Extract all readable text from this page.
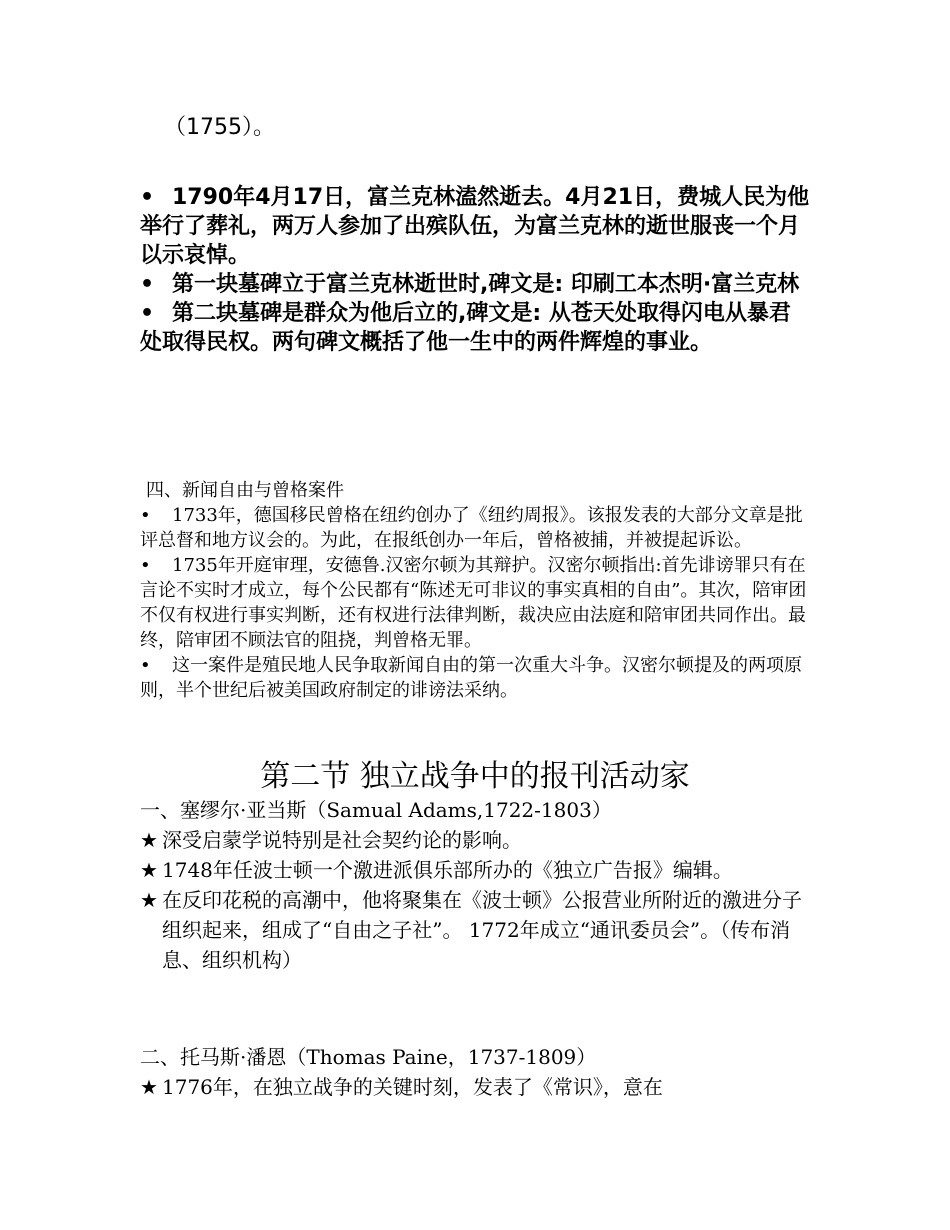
（1755）。

• 1790年4月17日，富兰克林溘然逝去。4月21日，费城人民为他举行了葬礼，两万人参加了出殡队伍，为富兰克林的逝世服丧一个月以示哀悼。

• 第一块墓碑立于富兰克林逝世时,碑文是: 印刷工本杰明·富兰克林

• 第二块墓碑是群众为他后立的,碑文是: 从苍天处取得闪电从暴君处取得民权。两句碑文概括了他一生中的两件辉煌的事业。

四、新闻自由与曾格案件

• 1733年，德国移民曾格在纽约创办了《纽约周报》。该报发表的大部分文章是批评总督和地方议会的。为此，在报纸创办一年后，曾格被捕，并被提起诉讼。

• 1735年开庭审理，安德鲁.汉密尔顿为其辩护。汉密尔顿指出:首先诽谤罪只有在言论不实时才成立，每个公民都有“陈述无可非议的事实真相的自由”。其次，陪审团不仅有权进行事实判断，还有权进行法律判断，裁决应由法庭和陪审团共同作出。最终，陪审团不顾法官的阻挠，判曾格无罪。

• 这一案件是殖民地人民争取新闻自由的第一次重大斗争。汉密尔顿提及的两项原则，半个世纪后被美国政府制定的诽谤法采纳。

第二节 独立战争中的报刊活动家

一、塞缪尔·亚当斯（Samual Adams,1722-1803）

★ 深受启蒙学说特别是社会契约论的影响。

★ 1748年任波士顿一个激进派俱乐部所办的《独立广告报》编辑。

★ 在反印花税的高潮中，他将聚集在《波士顿》公报营业所附近的激进分子组织起来，组成了“自由之子社”。 1772年成立“通讯委员会”。（传布消息、组织机构）

二、托马斯·潘恩（Thomas Paine，1737-1809）

★ 1776年，在独立战争的关键时刻，发表了《常识》，意在
